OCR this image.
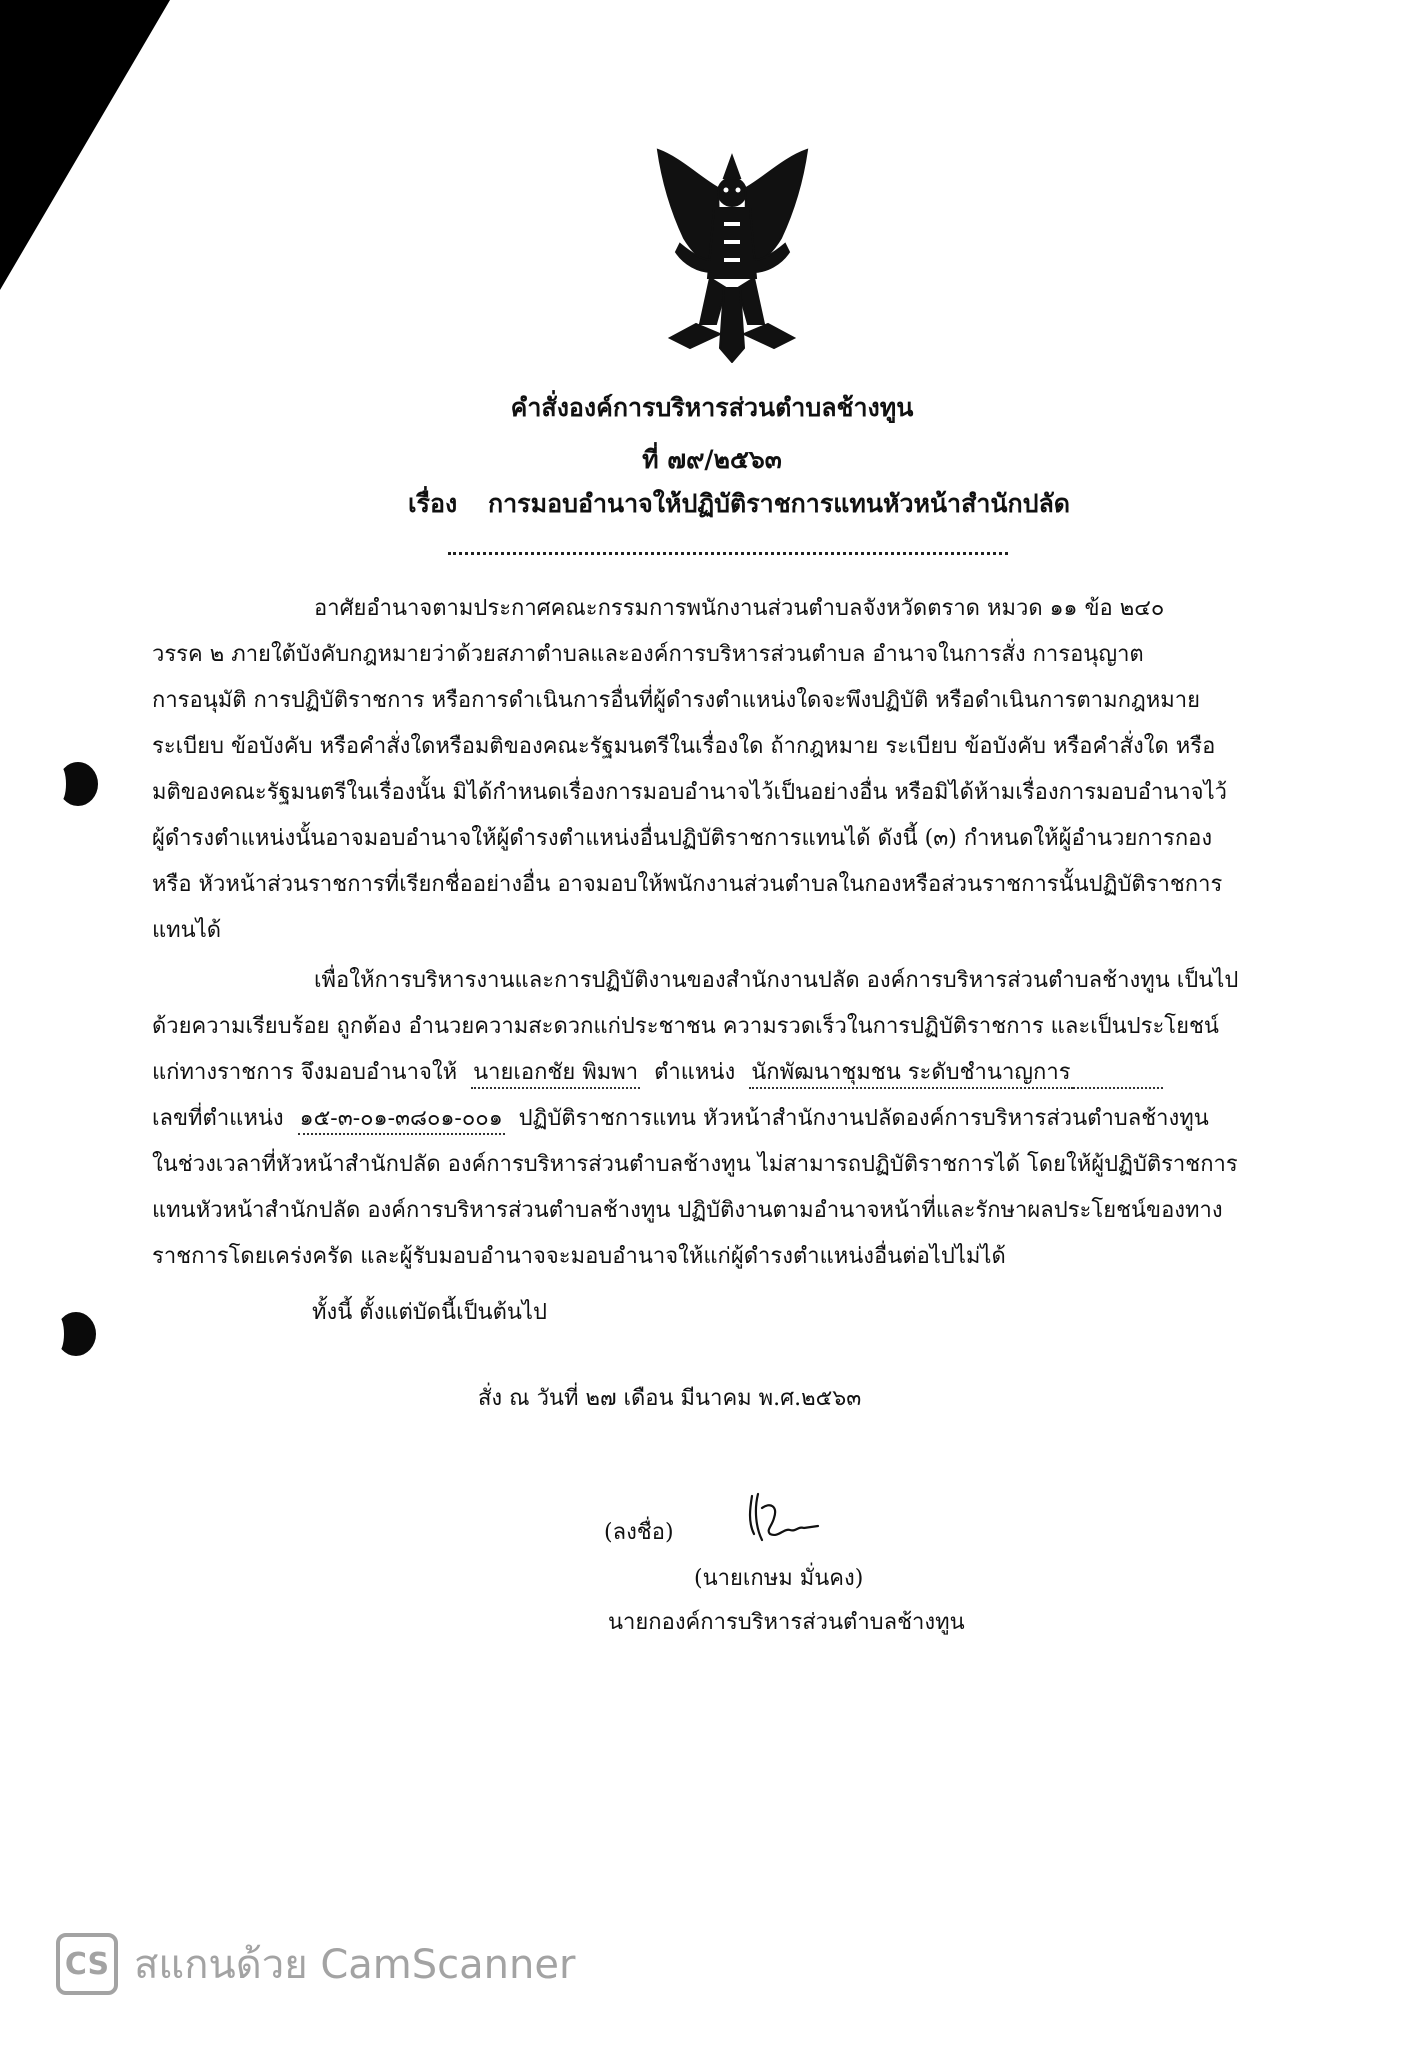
คำสั่งองค์การบริหารส่วนตำบลช้างทูน
ที่ ๗๙/๒๕๖๓
เรื่อง การมอบอำนาจให้ปฏิบัติราชการแทนหัวหน้าสำนักปลัด
อาศัยอำนาจตามประกาศคณะกรรมการพนักงานส่วนตำบลจังหวัดตราด หมวด ๑๑ ข้อ ๒๔๐
วรรค ๒ ภายใต้บังคับกฎหมายว่าด้วยสภาตำบลและองค์การบริหารส่วนตำบล อำนาจในการสั่ง การอนุญาต
การอนุมัติ การปฏิบัติราชการ หรือการดำเนินการอื่นที่ผู้ดำรงตำแหน่งใดจะพึงปฏิบัติ หรือดำเนินการตามกฎหมาย
ระเบียบ ข้อบังคับ หรือคำสั่งใดหรือมติของคณะรัฐมนตรีในเรื่องใด ถ้ากฎหมาย ระเบียบ ข้อบังคับ หรือคำสั่งใด หรือ
มติของคณะรัฐมนตรีในเรื่องนั้น มิได้กำหนดเรื่องการมอบอำนาจไว้เป็นอย่างอื่น หรือมิได้ห้ามเรื่องการมอบอำนาจไว้
ผู้ดำรงตำแหน่งนั้นอาจมอบอำนาจให้ผู้ดำรงตำแหน่งอื่นปฏิบัติราชการแทนได้ ดังนี้ (๓) กำหนดให้ผู้อำนวยการกอง
หรือ หัวหน้าส่วนราชการที่เรียกชื่ออย่างอื่น อาจมอบให้พนักงานส่วนตำบลในกองหรือส่วนราชการนั้นปฏิบัติราชการ
แทนได้
เพื่อให้การบริหารงานและการปฏิบัติงานของสำนักงานปลัด องค์การบริหารส่วนตำบลช้างทูน เป็นไป
ด้วยความเรียบร้อย ถูกต้อง อำนวยความสะดวกแก่ประชาชน ความรวดเร็วในการปฏิบัติราชการ และเป็นประโยชน์
แก่ทางราชการ จึงมอบอำนาจให้ นายเอกชัย พิมพา ตำแหน่ง นักพัฒนาชุมชน ระดับชำนาญการ
เลขที่ตำแหน่ง ๑๕-๓-๐๑-๓๘๐๑-๐๐๑ ปฏิบัติราชการแทน หัวหน้าสำนักงานปลัดองค์การบริหารส่วนตำบลช้างทูน
ในช่วงเวลาที่หัวหน้าสำนักปลัด องค์การบริหารส่วนตำบลช้างทูน ไม่สามารถปฏิบัติราชการได้ โดยให้ผู้ปฏิบัติราชการ
แทนหัวหน้าสำนักปลัด องค์การบริหารส่วนตำบลช้างทูน ปฏิบัติงานตามอำนาจหน้าที่และรักษาผลประโยชน์ของทาง
ราชการโดยเคร่งครัด และผู้รับมอบอำนาจจะมอบอำนาจให้แก่ผู้ดำรงตำแหน่งอื่นต่อไปไม่ได้
ทั้งนี้ ตั้งแต่บัดนี้เป็นต้นไป
สั่ง ณ วันที่ ๒๗ เดือน มีนาคม พ.ศ.๒๕๖๓
(ลงชื่อ)
(นายเกษม มั่นคง)
นายกองค์การบริหารส่วนตำบลช้างทูน
CS สแกนด้วย CamScanner
